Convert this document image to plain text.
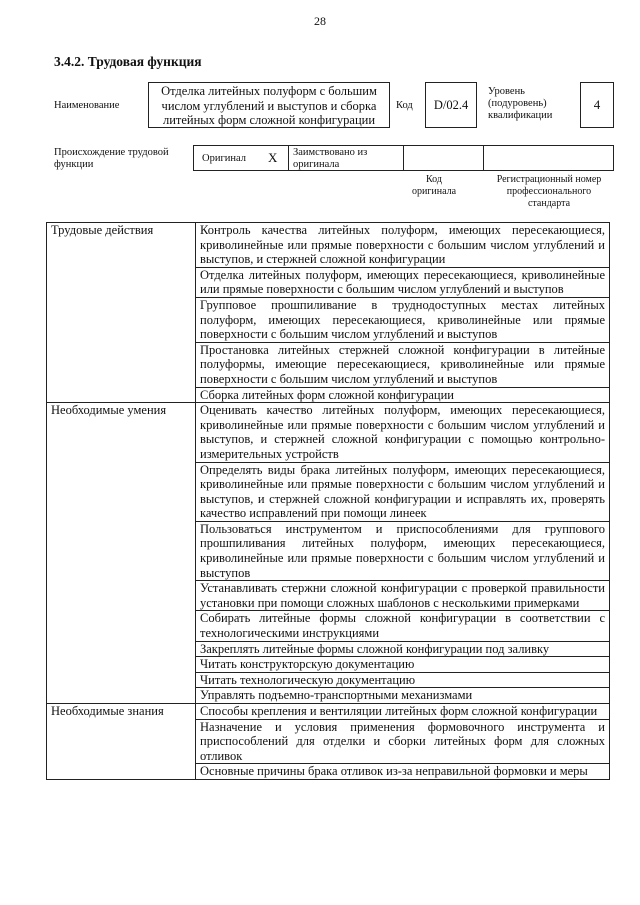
28
3.4.2. Трудовая функция
Наименование
Отделка литейных полуформ с большим числом углублений и выступов и сборка литейных форм сложной конфигурации
Код D/02.4
Уровень
(подуровень)
квалификации
4
Происхождение трудовой
функции
Оригинал X Заимствовано из
оригинала
Код
оригинала
Регистрационный номер
профессионального
стандарта
Трудовые действия	Контроль качества литейных полуформ, имеющих пересекающиеся, криволинейные или прямые поверхности с большим числом углублений и выступов, и стержней сложной конфигурации
	Отделка литейных полуформ, имеющих пересекающиеся, криволинейные или прямые поверхности с большим числом углублений и выступов
	Групповое прошпиливание в труднодоступных местах литейных полуформ, имеющих пересекающиеся, криволинейные или прямые поверхности с большим числом углублений и выступов
	Простановка литейных стержней сложной конфигурации в литейные полуформы, имеющие пересекающиеся, криволинейные или прямые поверхности с большим числом углублений и выступов
	Сборка литейных форм сложной конфигурации
Необходимые умения	Оценивать качество литейных полуформ, имеющих пересекающиеся, криволинейные или прямые поверхности с большим числом углублений и выступов, и стержней сложной конфигурации с помощью контрольно-измерительных устройств
	Определять виды брака литейных полуформ, имеющих пересекающиеся, криволинейные или прямые поверхности с большим числом углублений и выступов, и стержней сложной конфигурации и исправлять их, проверять качество исправлений при помощи линеек
	Пользоваться инструментом и приспособлениями для группового прошпиливания литейных полуформ, имеющих пересекающиеся, криволинейные или прямые поверхности с большим числом углублений и выступов
	Устанавливать стержни сложной конфигурации с проверкой правильности установки при помощи сложных шаблонов с несколькими примерками
	Собирать литейные формы сложной конфигурации в соответствии с технологическими инструкциями
	Закреплять литейные формы сложной конфигурации под заливку
	Читать конструкторскую документацию
	Читать технологическую документацию
	Управлять подъемно-транспортными механизмами
Необходимые знания	Способы крепления и вентиляции литейных форм сложной конфигурации
	Назначение и условия применения формовочного инструмента и приспособлений для отделки и сборки литейных форм для сложных отливок
	Основные причины брака отливок из-за неправильной формовки и меры
